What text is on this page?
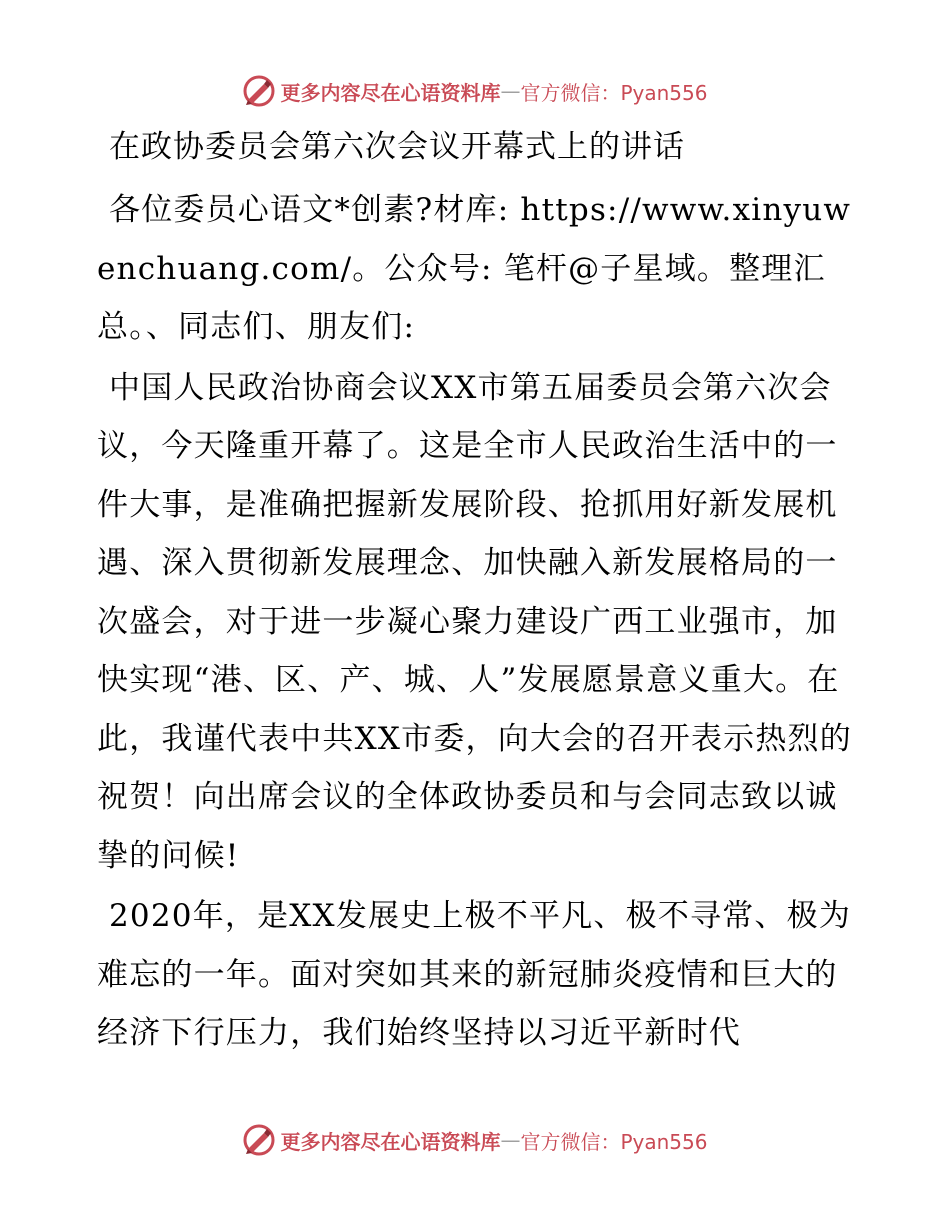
更多内容尽在心语资料库 — 官方微信：Pyan556
在政协委员会第六次会议开幕式上的讲话

各位委员心语文*创素?材库: https://www.xinyuwenchuang.com/。公众号: 笔杆@子星域。整理汇总。、同志们、朋友们:

中国人民政治协商会议XX市第五届委员会第六次会议，今天隆重开幕了。这是全市人民政治生活中的一件大事，是准确把握新发展阶段、抢抓用好新发展机遇、深入贯彻新发展理念、加快融入新发展格局的一次盛会，对于进一步凝心聚力建设广西工业强市，加快实现“港、区、产、城、人”发展愿景意义重大。在此，我谨代表中共XX市委，向大会的召开表示热烈的祝贺！向出席会议的全体政协委员和与会同志致以诚挚的问候!

2020年，是XX发展史上极不平凡、极不寻常、极为难忘的一年。面对突如其来的新冠肺炎疫情和巨大的经济下行压力，我们始终坚持以习近平新时代

更多内容尽在心语资料库 — 官方微信：Pyan556
